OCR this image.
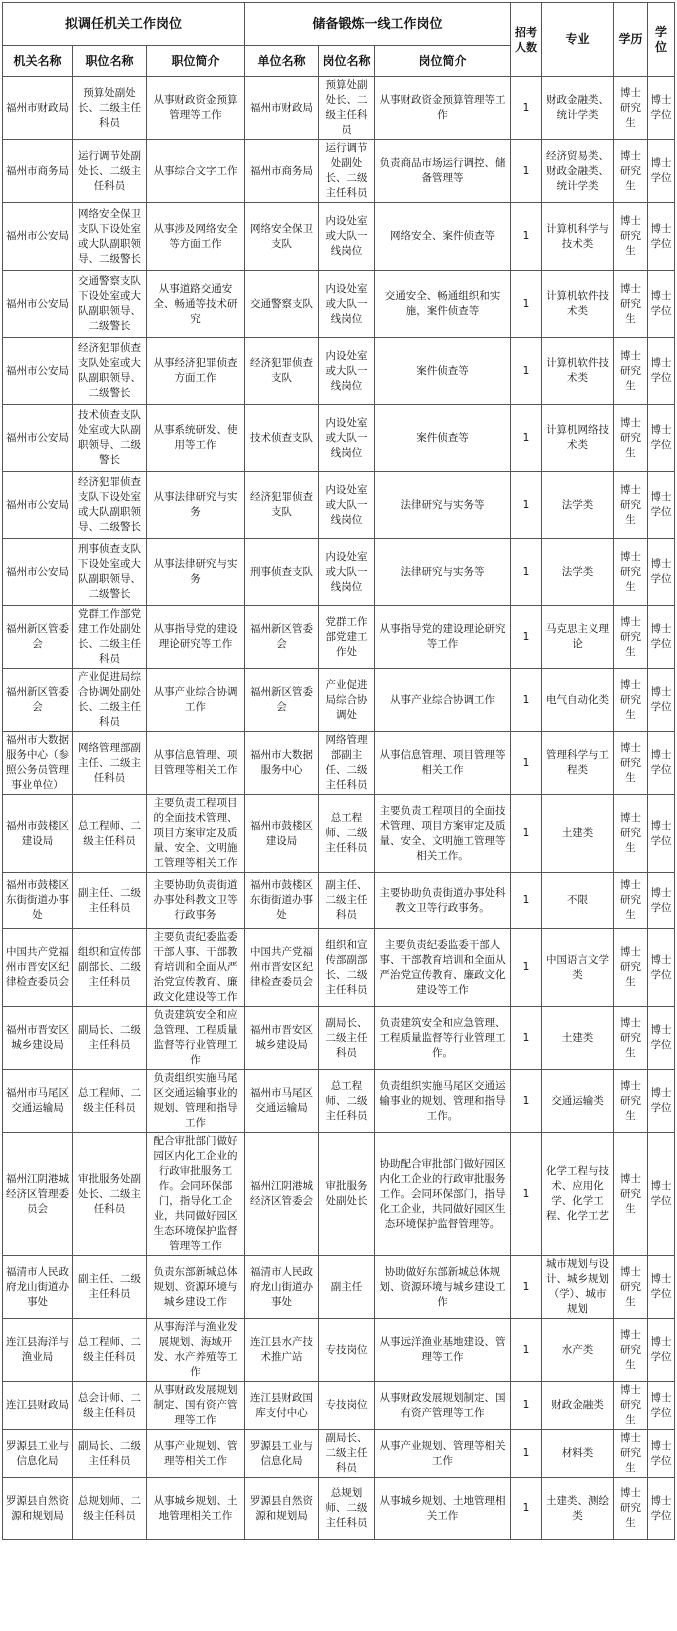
拟调任机关工作岗位			储备锻炼一线工作岗位			招考人数	专业	学历	学位
机关名称	职位名称	职位简介	单位名称	岗位名称	岗位简介				
福州市财政局	预算处副处长、二级主任科员	从事财政资金预算管理等工作	福州市财政局	预算处副处长、二级主任科员	从事财政资金预算管理等工作	1	财政金融类、统计学类	博士研究生	博士学位
福州市商务局	运行调节处副处长、二级主任科员	从事综合文字工作	福州市商务局	运行调节处副处长、二级主任科员	负责商品市场运行调控、储备管理等	1	经济贸易类、财政金融类、统计学类	博士研究生	博士学位
福州市公安局	网络安全保卫支队下设处室或大队副职领导、二级警长	从事涉及网络安全等方面工作	网络安全保卫支队	内设处室或大队一线岗位	网络安全、案件侦查等	1	计算机科学与技术类	博士研究生	博士学位
福州市公安局	交通警察支队下设处室或大队副职领导、二级警长	从事道路交通安全、畅通等技术研究	交通警察支队	内设处室或大队一线岗位	交通安全、畅通组织和实施，案件侦查等	1	计算机软件技术类	博士研究生	博士学位
福州市公安局	经济犯罪侦查支队处室或大队副职领导、二级警长	从事经济犯罪侦查方面工作	经济犯罪侦查支队	内设处室或大队一线岗位	案件侦查等	1	计算机软件技术类	博士研究生	博士学位
福州市公安局	技术侦查支队处室或大队副职领导、二级警长	从事系统研发、使用等工作	技术侦查支队	内设处室或大队一线岗位	案件侦查等	1	计算机网络技术类	博士研究生	博士学位
福州市公安局	经济犯罪侦查支队下设处室或大队副职领导、二级警长	从事法律研究与实务	经济犯罪侦查支队	内设处室或大队一线岗位	法律研究与实务等	1	法学类	博士研究生	博士学位
福州市公安局	刑事侦查支队下设处室或大队副职领导、二级警长	从事法律研究与实务	刑事侦查支队	内设处室或大队一线岗位	法律研究与实务等	1	法学类	博士研究生	博士学位
福州新区管委会	党群工作部党建工作处副处长、二级主任科员	从事指导党的建设理论研究等工作	福州新区管委会	党群工作部党建工作处	从事指导党的建设理论研究等工作	1	马克思主义理论	博士研究生	博士学位
福州新区管委会	产业促进局综合协调处副处长、二级主任科员	从事产业综合协调工作	福州新区管委会	产业促进局综合协调处	从事产业综合协调工作	1	电气自动化类	博士研究生	博士学位
福州市大数据服务中心（参照公务员管理事业单位）	网络管理部副主任、二级主任科员	从事信息管理、项目管理等相关工作	福州市大数据服务中心	网络管理部副主任、二级主任科员	从事信息管理、项目管理等相关工作	1	管理科学与工程类	博士研究生	博士学位
福州市鼓楼区建设局	总工程师、二级主任科员	主要负责工程项目的全面技术管理、项目方案审定及质量、安全、文明施工管理等相关工作	福州市鼓楼区建设局	总工程师、二级主任科员	主要负责工程项目的全面技术管理、项目方案审定及质量、安全、文明施工管理等相关工作。	1	土建类	博士研究生	博士学位
福州市鼓楼区东街街道办事处	副主任、二级主任科员	主要协助负责街道办事处科教文卫等行政事务	福州市鼓楼区东街街道办事处	副主任、二级主任科员	主要协助负责街道办事处科教文卫等行政事务。	1	不限	博士研究生	博士学位
中国共产党福州市晋安区纪律检查委员会	组织和宣传部副部长、二级主任科员	主要负责纪委监委干部人事、干部教育培训和全面从严治党宣传教育、廉政文化建设等工作	中国共产党福州市晋安区纪律检查委员会	组织和宣传部副部长、二级主任科员	主要负责纪委监委干部人事、干部教育培训和全面从严治党宣传教育、廉政文化建设等工作	1	中国语言文学类	博士研究生	博士学位
福州市晋安区城乡建设局	副局长、二级主任科员	负责建筑安全和应急管理、工程质量监督等行业管理工作	福州市晋安区城乡建设局	副局长、二级主任科员	负责建筑安全和应急管理、工程质量监督等行业管理工作。	1	土建类	博士研究生	博士学位
福州市马尾区交通运输局	总工程师、二级主任科员	负责组织实施马尾区交通运输事业的规划、管理和指导工作	福州市马尾区交通运输局	总工程师、二级主任科员	负责组织实施马尾区交通运输事业的规划、管理和指导工作。	1	交通运输类	博士研究生	博士学位
福州江阴港城经济区管理委员会	审批服务处副处长、二级主任科员	配合审批部门做好园区内化工企业的行政审批服务工作。会同环保部门，指导化工企业，共同做好园区生态环境保护监督管理等工作	福州江阴港城经济区管委会	审批服务处副处长	协助配合审批部门做好园区内化工企业的行政审批服务工作。会同环保部门，指导化工企业，共同做好园区生态环境保护监督管理等。	1	化学工程与技术、应用化学、化学工程、化学工艺	博士研究生	博士学位
福清市人民政府龙山街道办事处	副主任、二级主任科员	负责东部新城总体规划、资源环境与城乡建设工作	福清市人民政府龙山街道办事处	副主任	协助做好东部新城总体规划、资源环境与城乡建设工作	1	城市规划与设计、城乡规划（学）、城市规划	博士研究生	博士学位
连江县海洋与渔业局	总工程师、二级主任科员	从事海洋与渔业发展规划、海域开发、水产养殖等工作	连江县水产技术推广站	专技岗位	从事远洋渔业基地建设、管理等工作	1	水产类	博士研究生	博士学位
连江县财政局	总会计师、二级主任科员	从事财政发展规划制定、国有资产管理等工作	连江县财政国库支付中心	专技岗位	从事财政发展规划制定、国有资产管理等工作	1	财政金融类	博士研究生	博士学位
罗源县工业与信息化局	副局长、二级主任科员	从事产业规划、管理等相关工作	罗源县工业与信息化局	副局长、二级主任科员	从事产业规划、管理等相关工作	1	材料类	博士研究生	博士学位
罗源县自然资源和规划局	总规划师、二级主任科员	从事城乡规划、土地管理相关工作	罗源县自然资源和规划局	总规划师、二级主任科员	从事城乡规划、土地管理相关工作	1	土建类、测绘类	博士研究生	博士学位
